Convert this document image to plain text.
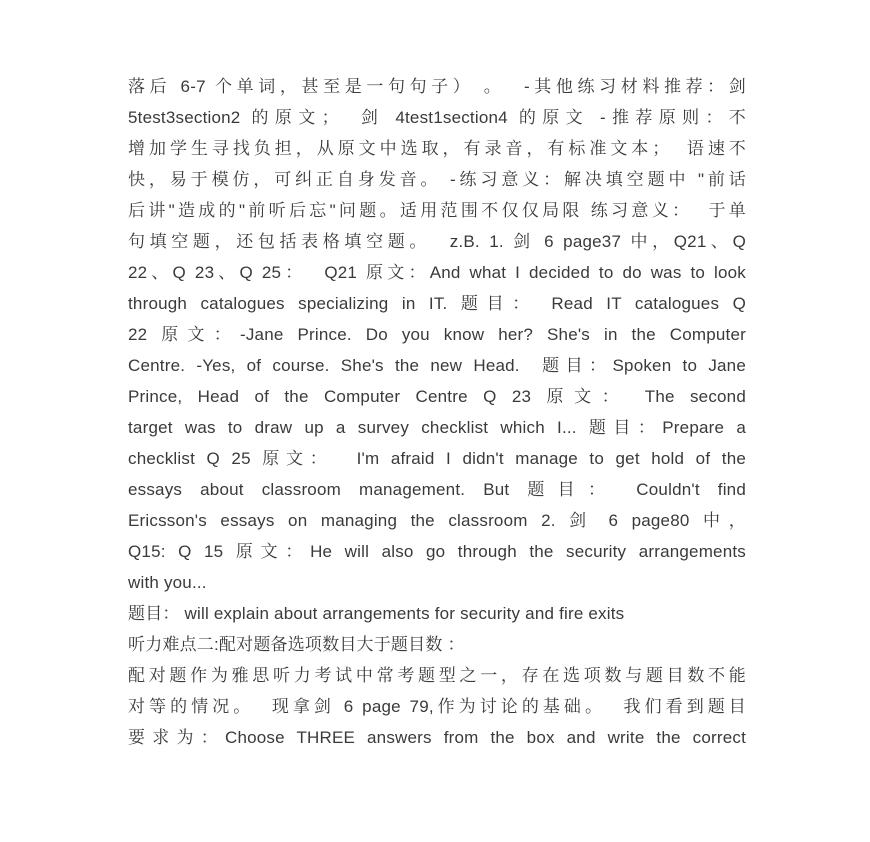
落后 6-7 个单词，甚至是一句句子） 。  -其他练习材料推荐：剑
5test3section2 的原文；  剑 4test1section4 的原文 -推荐原则：不
增加学生寻找负担，从原文中选取，有录音，有标准文本；  语速不
快，易于模仿，可纠正自身发音。 -练习意义：解决填空题中 "前话
后讲"造成的"前听后忘"问题。适用范围不仅仅局限 练习意义：  于单
句填空题，还包括表格填空题。  z.B. 1. 剑 6 page37 中，Q21、Q
22、Q 23、Q 25：  Q21 原文：And what I decided to do was to look
through catalogues specializing in IT. 题目： Read IT catalogues Q
22 原文：-Jane Prince. Do you know her? She's in the Computer
Centre. -Yes, of course. She's the new Head.  题目：Spoken to Jane
Prince, Head of the Computer Centre Q 23 原文： The second
target was to draw up a survey checklist which I... 题目：Prepare a
checklist Q 25 原文：  I'm afraid I didn't manage to get hold of the
essays about classroom management. But 题目： Couldn't find
Ericsson's essays on managing the classroom 2. 剑 6 page80 中，
Q15: Q 15 原文：He will also go through the security arrangements
with you...
题目： will explain about arrangements for security and fire exits
听力难点二:配对题备选项数目大于题目数 ：
配对题作为雅思听力考试中常考题型之一，存在选项数与题目数不能
对等的情况。  现拿剑 6 page 79,作为讨论的基础。  我们看到题目
要求为：Choose THREE answers from the box and write the correct
